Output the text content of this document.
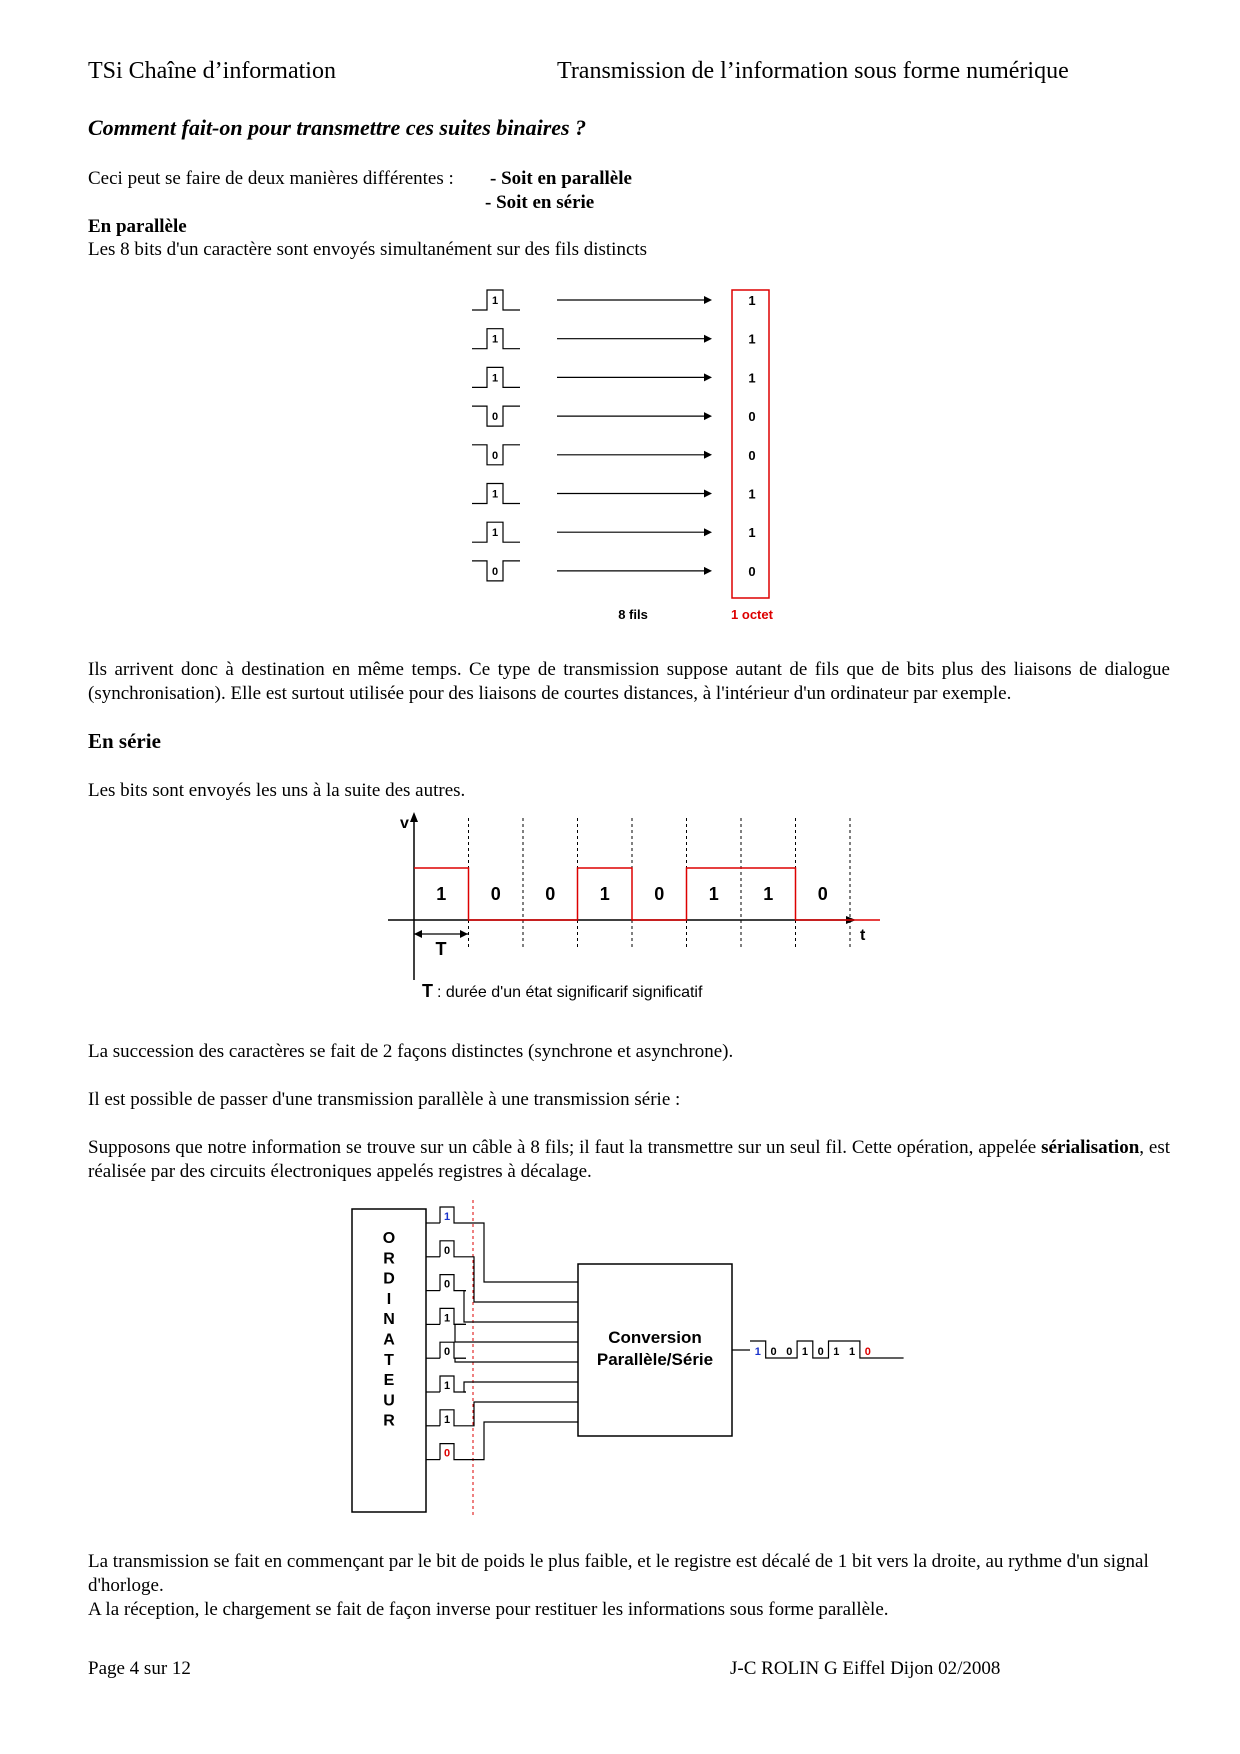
TSi Chaîne d’information	Transmission de l’information sous forme numérique
Comment fait-on pour transmettre ces suites binaires ?
Ceci peut se faire de deux manières différentes : - Soit en parallèle
- Soit en série
En parallèle
Les 8 bits d'un caractère sont envoyés simultanément sur des fils distincts
1	1
1	1
1	1
0	0
0	0
1	1
1	1
0	0
8 fils	1 octet
Ils arrivent donc à destination en même temps. Ce type de transmission suppose autant de fils que de bits plus des liaisons de dialogue (synchronisation). Elle est surtout utilisée pour des liaisons de courtes distances, à l'intérieur d'un ordinateur par exemple.
En série
Les bits sont envoyés les uns à la suite des autres.
v
t
1 0 0 1 0 1 1 0
T
T : durée d'un état significarif significatif
La succession des caractères se fait de 2 façons distinctes (synchrone et asynchrone).
Il est possible de passer d'une transmission parallèle à une transmission série :
Supposons que notre information se trouve sur un câble à 8 fils; il faut la transmettre sur un seul fil. Cette opération, appelée sérialisation, est réalisée par des circuits électroniques appelés registres à décalage.
O
R
D
I
N
A
T
E
U
R
1
0
0
1
0
1
1
0
Conversion
Parallèle/Série	1 0 0 1 0 1 1 0
La transmission se fait en commençant par le bit de poids le plus faible, et le registre est décalé de 1 bit vers la droite, au rythme d'un signal d'horloge.
A la réception, le chargement se fait de façon inverse pour restituer les informations sous forme parallèle.
Page 4 sur 12	J-C ROLIN G Eiffel Dijon 02/2008
